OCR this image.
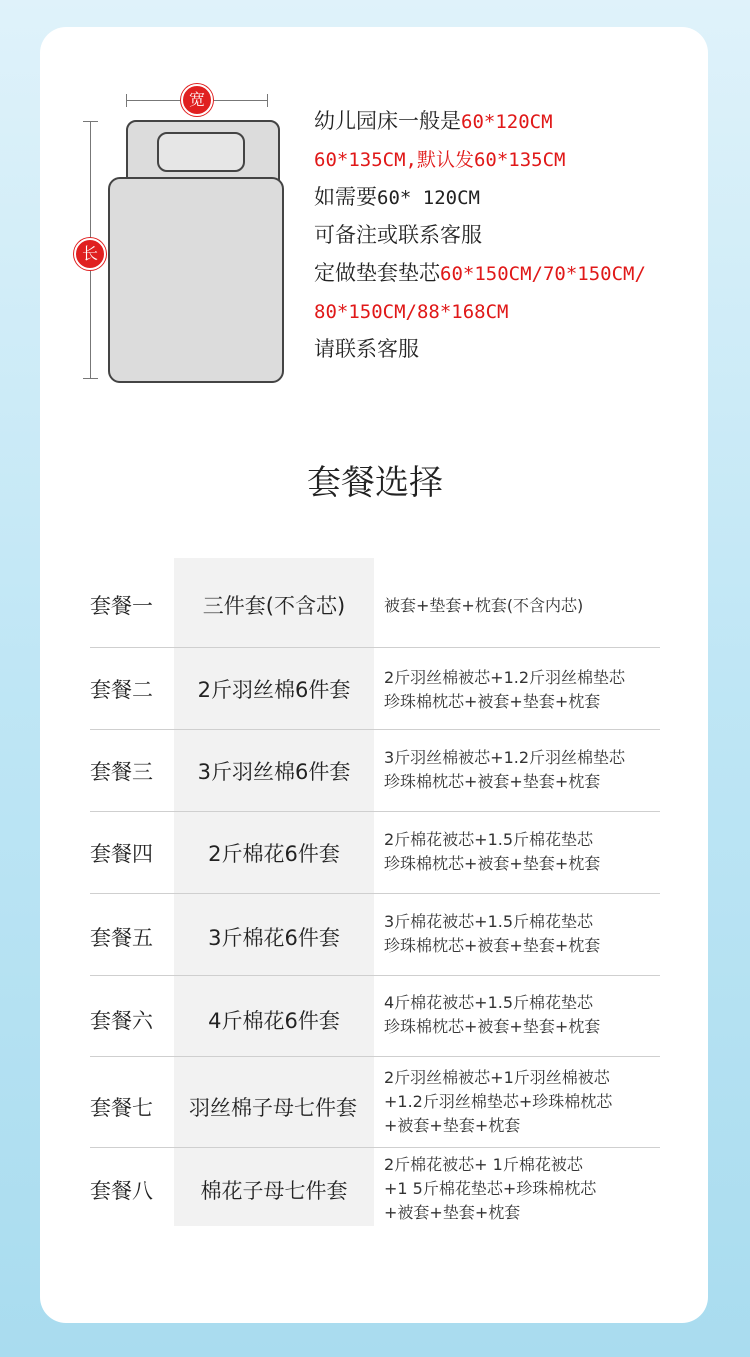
宽
长
幼儿园床一般是60*120CM
60*135CM,默认发60*135CM
如需要60* 120CM
可备注或联系客服
定做垫套垫芯60*150CM/70*150CM/
80*150CM/88*168CM
请联系客服
套餐选择
套餐一	三件套(不含芯)	被套+垫套+枕套(不含内芯)
套餐二	2斤羽丝棉6件套
2斤羽丝棉被芯+1.2斤羽丝棉垫芯
珍珠棉枕芯+被套+垫套+枕套
套餐三	3斤羽丝棉6件套
3斤羽丝棉被芯+1.2斤羽丝棉垫芯
珍珠棉枕芯+被套+垫套+枕套
套餐四	2斤棉花6件套
2斤棉花被芯+1.5斤棉花垫芯
珍珠棉枕芯+被套+垫套+枕套
套餐五	3斤棉花6件套
3斤棉花被芯+1.5斤棉花垫芯
珍珠棉枕芯+被套+垫套+枕套
套餐六	4斤棉花6件套
4斤棉花被芯+1.5斤棉花垫芯
珍珠棉枕芯+被套+垫套+枕套
套餐七	羽丝棉子母七件套
2斤羽丝棉被芯+1斤羽丝棉被芯
+1.2斤羽丝棉垫芯+珍珠棉枕芯
+被套+垫套+枕套
套餐八	棉花子母七件套
2斤棉花被芯+ 1斤棉花被芯
+1 5斤棉花垫芯+珍珠棉枕芯
+被套+垫套+枕套
